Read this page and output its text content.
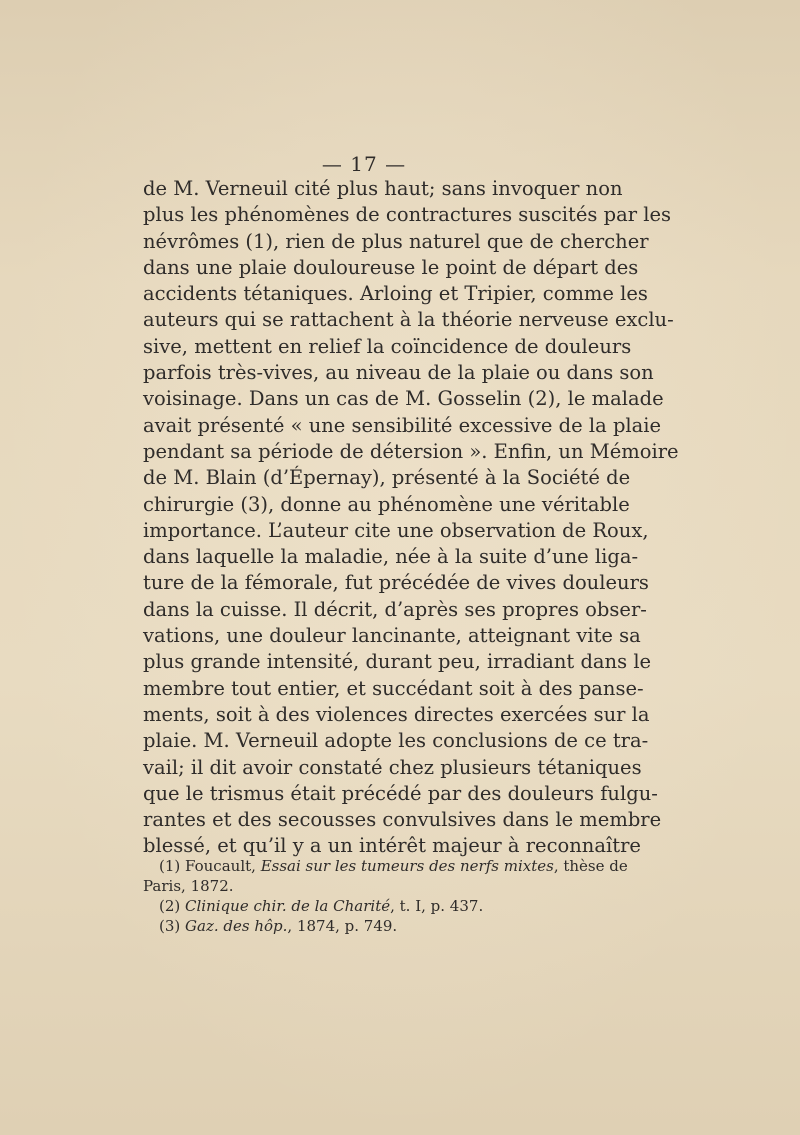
— 17 —
de M. Verneuil cité plus haut; sans invoquer non
plus les phénomènes de contractures suscités par les
névrômes (1), rien de plus naturel que de chercher
dans une plaie douloureuse le point de départ des
accidents tétaniques. Arloing et Tripier, comme les
auteurs qui se rattachent à la théorie nerveuse exclu-
sive, mettent en relief la coïncidence de douleurs
parfois très-vives, au niveau de la plaie ou dans son
voisinage. Dans un cas de M. Gosselin (2), le malade
avait présenté « une sensibilité excessive de la plaie
pendant sa période de détersion ». Enfin, un Mémoire
de M. Blain (d’Épernay), présenté à la Société de
chirurgie (3), donne au phénomène une véritable
importance. L’auteur cite une observation de Roux,
dans laquelle la maladie, née à la suite d’une liga-
ture de la fémorale, fut précédée de vives douleurs
dans la cuisse. Il décrit, d’après ses propres obser-
vations, une douleur lancinante, atteignant vite sa
plus grande intensité, durant peu, irradiant dans le
membre tout entier, et succédant soit à des panse-
ments, soit à des violences directes exercées sur la
plaie. M. Verneuil adopte les conclusions de ce tra-
vail; il dit avoir constaté chez plusieurs tétaniques
que le trismus était précédé par des douleurs fulgu-
rantes et des secousses convulsives dans le membre
blessé, et qu’il y a un intérêt majeur à reconnaître
(1) Foucault, Essai sur les tumeurs des nerfs mixtes, thèse de
Paris, 1872.
(2) Clinique chir. de la Charité, t. I, p. 437.
(3) Gaz. des hôp., 1874, p. 749.
